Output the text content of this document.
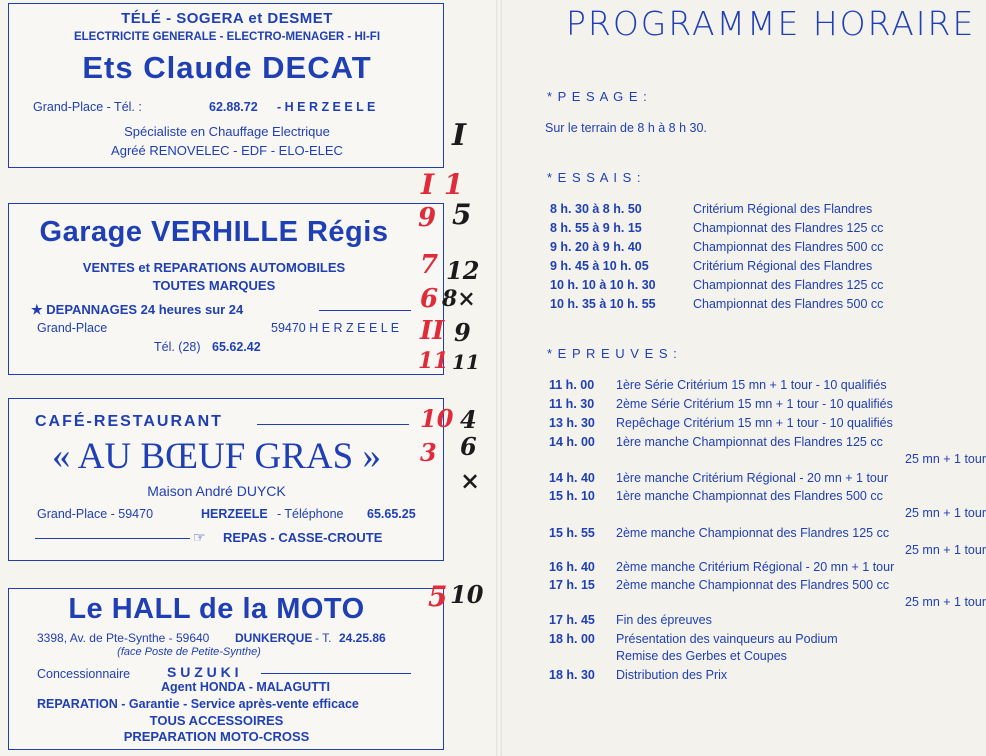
TÉLÉ - SOGERA et DESMET
ELECTRICITE GENERALE - ELECTRO-MENAGER - HI-FI
Ets Claude DECAT
Grand-Place - Tél. :	62.88.72 - H E R Z E E L E
Spécialiste en Chauffage Electrique
Agréé RENOVELEC - EDF - ELO-ELEC
Garage VERHILLE Régis
VENTES et REPARATIONS AUTOMOBILES
TOUTES MARQUES
★ DEPANNAGES 24 heures sur 24
Grand-Place	59470 H E R Z E E L E
Tél. (28) 65.62.42
CAFÉ-RESTAURANT
« AU BŒUF GRAS »
Maison André DUYCK
Grand-Place - 59470	HERZEELE - Téléphone 65.65.25
☞ REPAS - CASSE-CROUTE
Le HALL de la MOTO
3398, Av. de Pte-Synthe - 59640 DUNKERQUE - T. 24.25.86
(face Poste de Petite-Synthe)
Concessionnaire	S U Z U K I
Agent HONDA - MALAGUTTI
REPARATION - Garantie - Service après-vente efficace
TOUS ACCESSOIRES
PREPARATION MOTO-CROSS
I
I 1
9 5
7 12
6 8×
II 9
11 11
10 4
3 6
×
5 10
PROGRAMME HORAIRE
* P E S A G E :
Sur le terrain de 8 h à 8 h 30.
* E S S A I S :
8 h. 30 à 8 h. 50	Critérium Régional des Flandres
8 h. 55 à 9 h. 15	Championnat des Flandres 125 cc
9 h. 20 à 9 h. 40	Championnat des Flandres 500 cc
9 h. 45 à 10 h. 05	Critérium Régional des Flandres
10 h. 10 à 10 h. 30	Championnat des Flandres 125 cc
10 h. 35 à 10 h. 55	Championnat des Flandres 500 cc
* E P R E U V E S :
11 h. 00 1ère Série Critérium 15 mn + 1 tour - 10 qualifiés
11 h. 30 2ème Série Critérium 15 mn + 1 tour - 10 qualifiés
13 h. 30 Repêchage Critérium 15 mn + 1 tour - 10 qualifiés
14 h. 00 1ère manche Championnat des Flandres 125 cc
25 mn + 1 tour
14 h. 40 1ère manche Critérium Régional - 20 mn + 1 tour
15 h. 10 1ère manche Championnat des Flandres 500 cc
25 mn + 1 tour
15 h. 55 2ème manche Championnat des Flandres 125 cc
25 mn + 1 tour
16 h. 40 2ème manche Critérium Régional - 20 mn + 1 tour
17 h. 15 2ème manche Championnat des Flandres 500 cc
25 mn + 1 tour
17 h. 45 Fin des épreuves
18 h. 00 Présentation des vainqueurs au Podium
Remise des Gerbes et Coupes
18 h. 30 Distribution des Prix
